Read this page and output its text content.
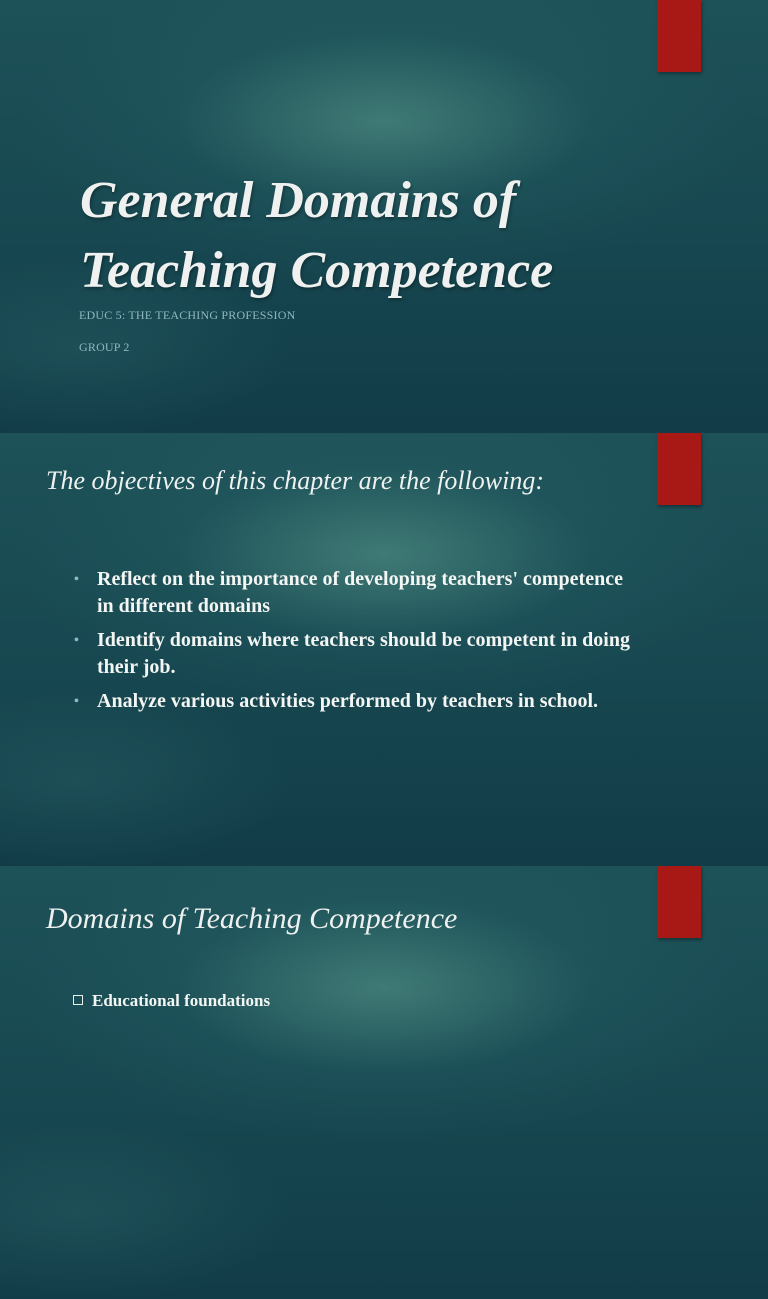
General Domains of Teaching Competence

EDUC 5: THE TEACHING PROFESSION

GROUP 2

The objectives of this chapter are the following:
• Reflect on the importance of developing teachers' competence in different domains
• Identify domains where teachers should be competent in doing their job.
• Analyze various activities performed by teachers in school.
Domains of Teaching Competence
Educational foundations
